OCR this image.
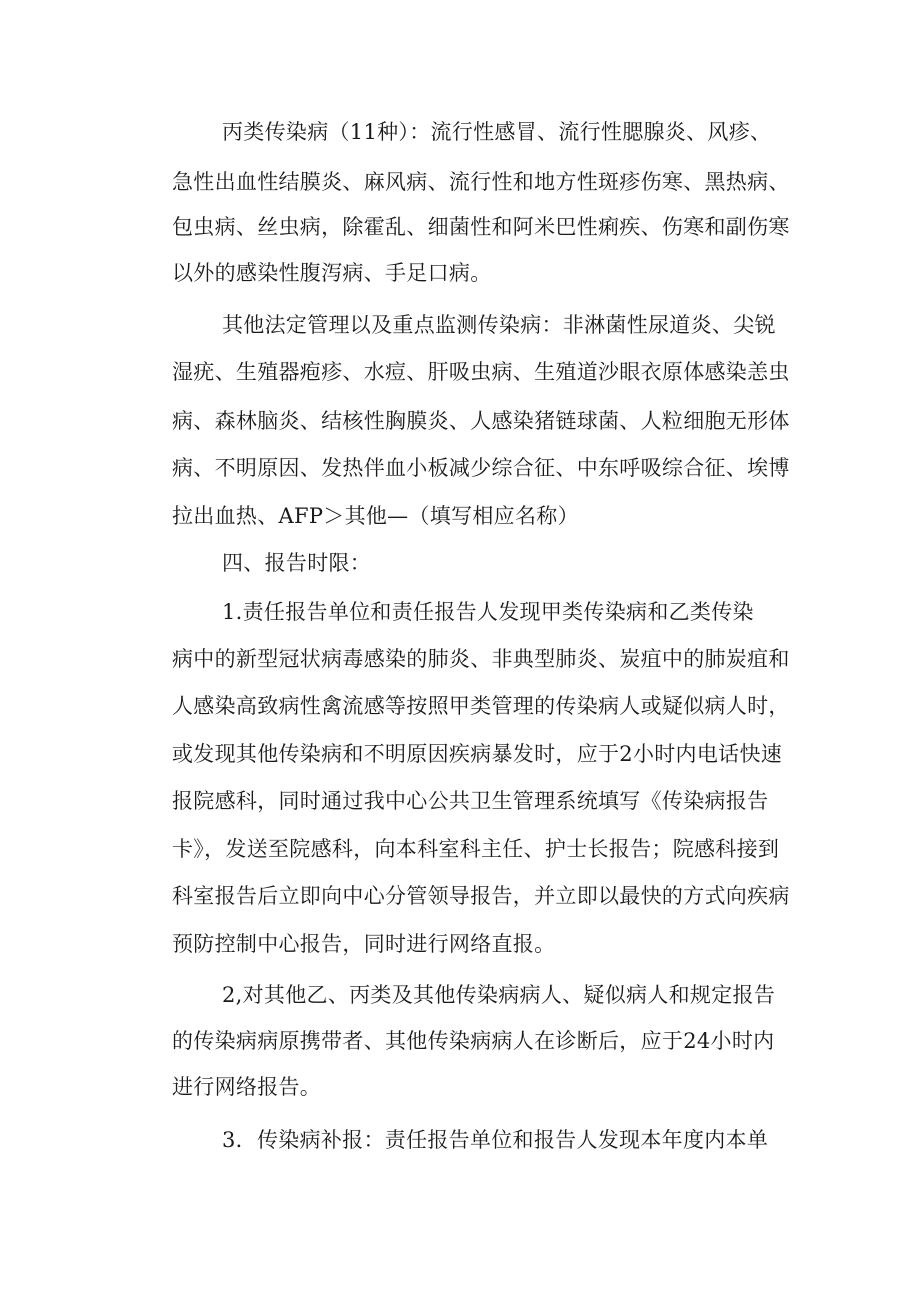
丙类传染病（11种）：流行性感冒、流行性腮腺炎、风疹、
急性出血性结膜炎、麻风病、流行性和地方性斑疹伤寒、黑热病、
包虫病、丝虫病，除霍乱、细菌性和阿米巴性痢疾、伤寒和副伤寒
以外的感染性腹泻病、手足口病。
其他法定管理以及重点监测传染病：非淋菌性尿道炎、尖锐
湿疣、生殖器疱疹、水痘、肝吸虫病、生殖道沙眼衣原体感染恙虫
病、森林脑炎、结核性胸膜炎、人感染猪链球菌、人粒细胞无形体
病、不明原因、发热伴血小板减少综合征、中东呼吸综合征、埃博
拉出血热、AFP＞其他—（填写相应名称）
四、报告时限：
1.责任报告单位和责任报告人发现甲类传染病和乙类传染
病中的新型冠状病毒感染的肺炎、非典型肺炎、炭疽中的肺炭疽和
人感染高致病性禽流感等按照甲类管理的传染病人或疑似病人时，
或发现其他传染病和不明原因疾病暴发时，应于2小时内电话快速
报院感科，同时通过我中心公共卫生管理系统填写《传染病报告
卡》，发送至院感科，向本科室科主任、护士长报告；院感科接到
科室报告后立即向中心分管领导报告，并立即以最快的方式向疾病
预防控制中心报告，同时进行网络直报。
2,对其他乙、丙类及其他传染病病人、疑似病人和规定报告
的传染病病原携带者、其他传染病病人在诊断后，应于24小时内
进行网络报告。
3．传染病补报：责任报告单位和报告人发现本年度内本单
